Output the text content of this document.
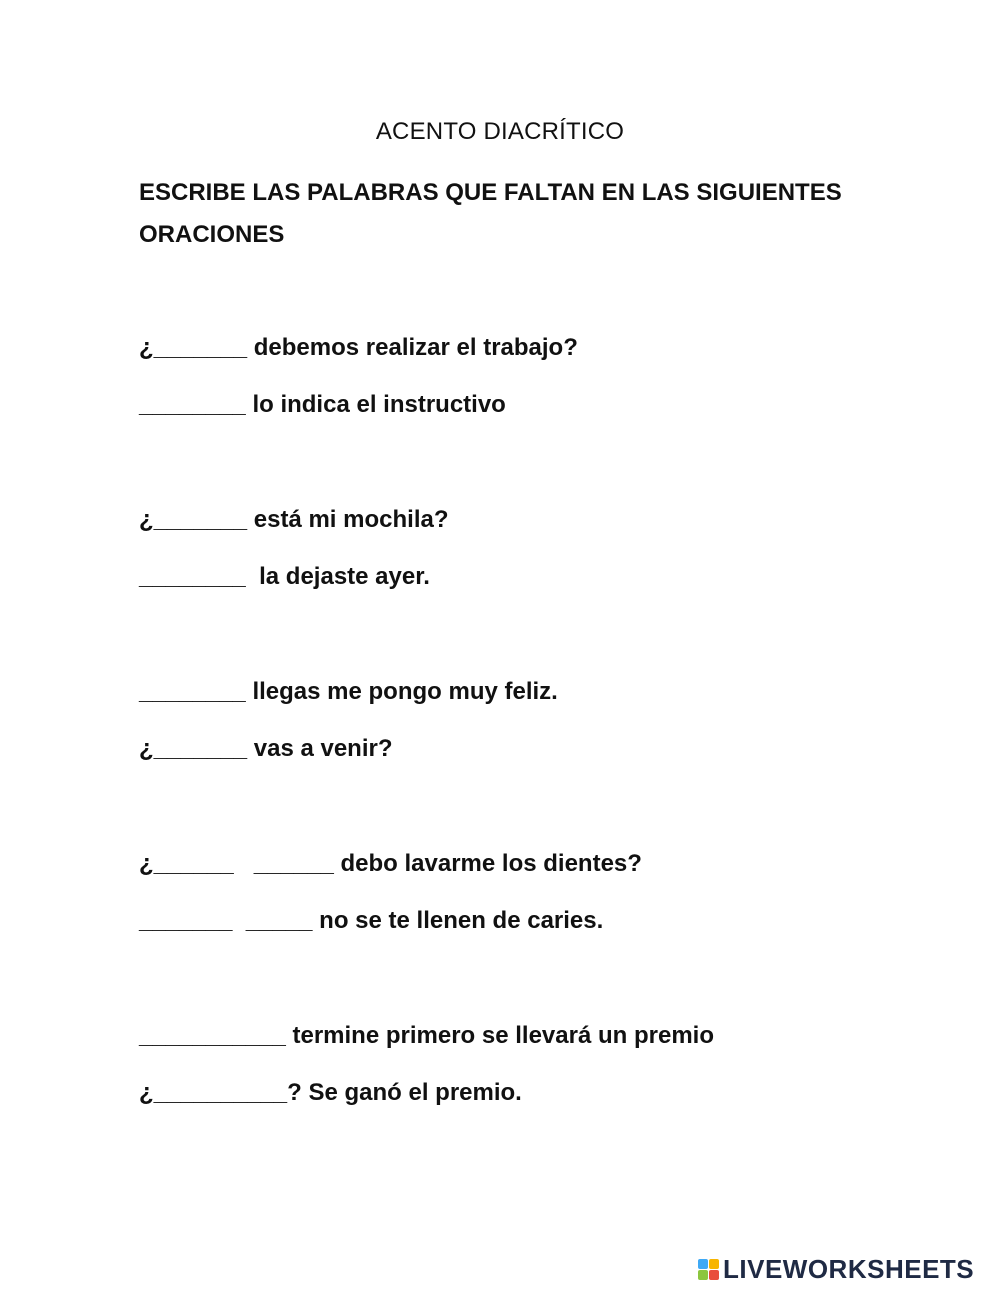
ACENTO DIACRÍTICO
ESCRIBE LAS PALABRAS QUE FALTAN EN LAS SIGUIENTES ORACIONES
¿_______ debemos realizar el trabajo?
________ lo indica el instructivo
¿_______ está mi mochila?
________  la dejaste ayer.
________ llegas me pongo muy feliz.
¿_______ vas a venir?
¿______   ______ debo lavarme los dientes?
_______  _____ no se te llenen de caries.
___________ termine primero se llevará un premio
¿__________? Se ganó el premio.
LIVEWORKSHEETS
